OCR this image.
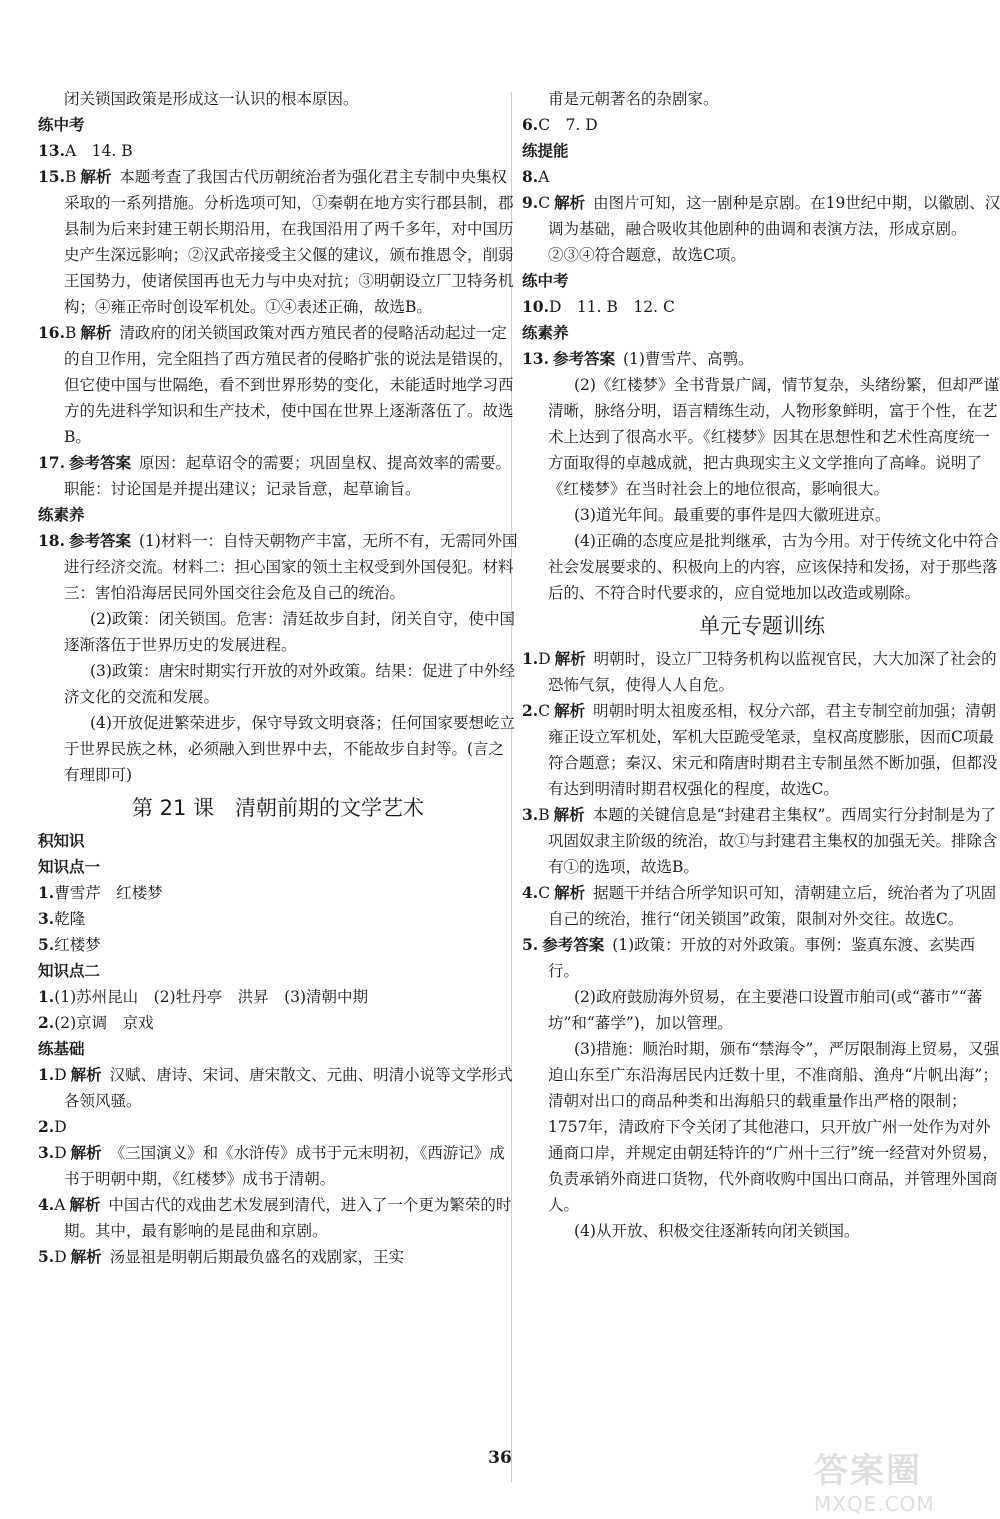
闭关锁国政策是形成这一认识的根本原因。

练中考

13.A　14. B

15.B 解析 本题考查了我国古代历朝统治者为强化君主专制中央集权采取的一系列措施。分析选项可知，①秦朝在地方实行郡县制，郡县制为后来封建王朝长期沿用，在我国沿用了两千多年，对中国历史产生深远影响；②汉武帝接受主父偃的建议，颁布推恩令，削弱王国势力，使诸侯国再也无力与中央对抗；③明朝设立厂卫特务机构；④雍正帝时创设军机处。①④表述正确，故选B。

16.B 解析 清政府的闭关锁国政策对西方殖民者的侵略活动起过一定的自卫作用，完全阻挡了西方殖民者的侵略扩张的说法是错误的，但它使中国与世隔绝，看不到世界形势的变化，未能适时地学习西方的先进科学知识和生产技术，使中国在世界上逐渐落伍了。故选B。

17. 参考答案 原因：起草诏令的需要；巩固皇权、提高效率的需要。

职能：讨论国是并提出建议；记录旨意，起草谕旨。

练素养

18. 参考答案 (1)材料一：自恃天朝物产丰富，无所不有，无需同外国进行经济交流。材料二：担心国家的领土主权受到外国侵犯。材料三：害怕沿海居民同外国交往会危及自己的统治。

(2)政策：闭关锁国。危害：清廷故步自封，闭关自守，使中国逐渐落伍于世界历史的发展进程。

(3)政策：唐宋时期实行开放的对外政策。结果：促进了中外经济文化的交流和发展。

(4)开放促进繁荣进步，保守导致文明衰落；任何国家要想屹立于世界民族之林，必须融入到世界中去，不能故步自封等。(言之有理即可)

第 21 课　清朝前期的文学艺术

积知识

知识点一

1.曹雪芹　红楼梦

3.乾隆

5.红楼梦

知识点二

1.(1)苏州昆山　(2)牡丹亭　洪昇　(3)清朝中期

2.(2)京调　京戏

练基础

1.D 解析 汉赋、唐诗、宋词、唐宋散文、元曲、明清小说等文学形式各领风骚。

2.D

3.D 解析 《三国演义》和《水浒传》成书于元末明初，《西游记》成书于明朝中期，《红楼梦》成书于清朝。

4.A 解析 中国古代的戏曲艺术发展到清代，进入了一个更为繁荣的时期。其中，最有影响的是昆曲和京剧。

5.D 解析 汤显祖是明朝后期最负盛名的戏剧家，王实

甫是元朝著名的杂剧家。

6.C　7. D

练提能

8.A

9.C 解析 由图片可知，这一剧种是京剧。在19世纪中期，以徽剧、汉调为基础，融合吸收其他剧种的曲调和表演方法，形成京剧。②③④符合题意，故选C项。

练中考

10.D　11. B　12. C

练素养

13. 参考答案 (1)曹雪芹、高鹗。

(2)《红楼梦》全书背景广阔，情节复杂，头绪纷繁，但却严谨清晰，脉络分明，语言精练生动，人物形象鲜明，富于个性，在艺术上达到了很高水平。《红楼梦》因其在思想性和艺术性高度统一方面取得的卓越成就，把古典现实主义文学推向了高峰。说明了《红楼梦》在当时社会上的地位很高，影响很大。

(3)道光年间。最重要的事件是四大徽班进京。

(4)正确的态度应是批判继承，古为今用。对于传统文化中符合社会发展要求的、积极向上的内容，应该保持和发扬，对于那些落后的、不符合时代要求的，应自觉地加以改造或剔除。

单元专题训练

1.D 解析 明朝时，设立厂卫特务机构以监视官民，大大加深了社会的恐怖气氛，使得人人自危。

2.C 解析 明朝时明太祖废丞相，权分六部，君主专制空前加强；清朝雍正设立军机处，军机大臣跪受笔录，皇权高度膨胀，因而C项最符合题意；秦汉、宋元和隋唐时期君主专制虽然不断加强，但都没有达到明清时期君权强化的程度，故选C。

3.B 解析 本题的关键信息是“封建君主集权”。西周实行分封制是为了巩固奴隶主阶级的统治，故①与封建君主集权的加强无关。排除含有①的选项，故选B。

4.C 解析 据题干并结合所学知识可知，清朝建立后，统治者为了巩固自己的统治，推行“闭关锁国”政策，限制对外交往。故选C。

5. 参考答案 (1)政策：开放的对外政策。事例：鉴真东渡、玄奘西行。

(2)政府鼓励海外贸易，在主要港口设置市舶司(或“蕃市”“蕃坊”和“蕃学”)，加以管理。

(3)措施：顺治时期，颁布“禁海令”，严厉限制海上贸易，又强迫山东至广东沿海居民内迁数十里，不准商船、渔舟“片帆出海”；清朝对出口的商品种类和出海船只的载重量作出严格的限制；1757年，清政府下令关闭了其他港口，只开放广州一处作为对外通商口岸，并规定由朝廷特许的“广州十三行”统一经营对外贸易，负责承销外商进口货物，代外商收购中国出口商品，并管理外国商人。

(4)从开放、积极交往逐渐转向闭关锁国。

36	答案圈
MXQE.COM
